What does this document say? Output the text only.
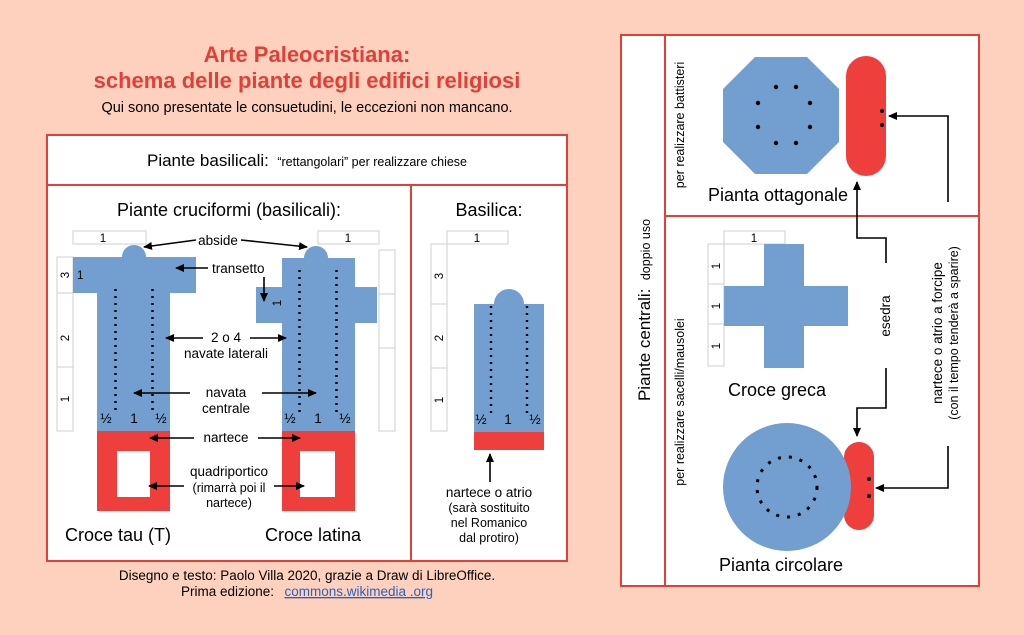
Arte Paleocristiana:
schema delle piante degli edifici religiosi
Qui sono presentate le consuetudini, le eccezioni non mancano.
Piante basilicali: “rettangolari” per realizzare chiese
Piante cruciformi (basilicali):	Basilica:
1
3
2
1
1
½ 1 ½
Croce tau (T)
1
1
½ 1 ½
Croce latina
abside
transetto
2 o 4
navate laterali
navata
centrale
nartece
quadriportico
(rimarrà poi il
nartece)
1
3
2
1
½ 1 ½
nartece o atrio
(sarà sostituito
nel Romanico
dal protiro)
Disegno e testo: Paolo Villa 2020, grazie a Draw di LibreOffice.
Prima edizione: commons.wikimedia .org
Piante centrali: doppio uso
per realizzare battisteri
per realizzare sacelli/mausolei
Pianta ottagonale
1
1
1
1
Croce greca
Pianta circolare
esedra	nartece o atrio a forcipe (con il tempo tenderà a sparire)
